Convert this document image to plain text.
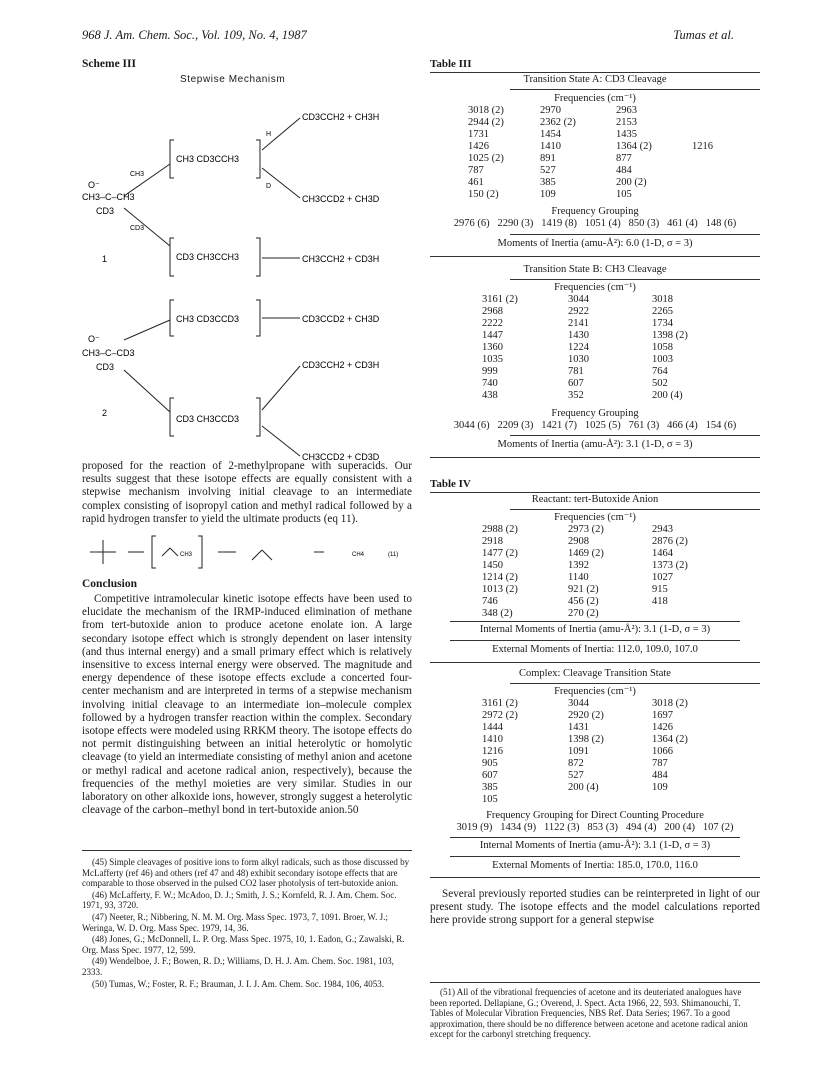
968 J. Am. Chem. Soc., Vol. 109, No. 4, 1987	Tumas et al.
Scheme III
Stepwise Mechanism
O⁻
CH3–C–CH3
CD3
CH3
CD3
CH3 CD3CCH3
CD3 CH3CCH3
H
D
CD3CCH2 + CH3H
CH3CCD2 + CH3D
CH3CCH2 + CD3H
1
O⁻
CH3–C–CD3
CD3
CH3 CD3CCD3
CD3 CH3CCD3
CD3CCD2 + CH3D
CD3CCH2 + CD3H
CH3CCD2 + CD3D
2

proposed for the reaction of 2-methylpropane with superacids. Our results suggest that these isotope effects are equally consistent with a stepwise mechanism involving initial cleavage to an intermediate complex consisting of isopropyl cation and methyl radical followed by a rapid hydrogen transfer to yield the ultimate products (eq 11).

CH3	CH4	(11)
Conclusion

Competitive intramolecular kinetic isotope effects have been used to elucidate the mechanism of the IRMP-induced elimination of methane from tert-butoxide anion to produce acetone enolate ion. A large secondary isotope effect which is strongly dependent on laser intensity (and thus internal energy) and a small primary effect which is relatively insensitive to excess internal energy were observed. The magnitude and energy dependence of these isotope effects exclude a concerted four-center mechanism and are interpreted in terms of a stepwise mechanism involving initial cleavage to an intermediate ion–molecule complex followed by a hydrogen transfer reaction within the complex. Secondary isotope effects were modeled using RRKM theory. The isotope effects do not permit distinguishing between an initial heterolytic or homolytic cleavage (to yield an intermediate consisting of methyl anion and acetone or methyl radical and acetone radical anion, respectively), because the frequencies of the methyl moieties are very similar. Studies in our laboratory on other alkoxide ions, however, strongly suggest a heterolytic cleavage of the carbon–methyl bond in tert-butoxide anion.50

(45) Simple cleavages of positive ions to form alkyl radicals, such as those discussed by McLafferty (ref 46) and others (ref 47 and 48) exhibit secondary isotope effects that are comparable to those observed in the pulsed CO2 laser photolysis of tert-butoxide anion.

(46) McLafferty, F. W.; McAdoo, D. J.; Smith, J. S.; Kornfeld, R. J. Am. Chem. Soc. 1971, 93, 3720.

(47) Neeter, R.; Nibbering, N. M. M. Org. Mass Spec. 1973, 7, 1091. Broer, W. J.; Weringa, W. D. Org. Mass Spec. 1979, 14, 36.

(48) Jones, G.; McDonnell, L. P. Org. Mass Spec. 1975, 10, 1. Eadon, G.; Zawalski, R. Org. Mass Spec. 1977, 12, 599.

(49) Wendelboe, J. F.; Bowen, R. D.; Williams, D. H. J. Am. Chem. Soc. 1981, 103, 2333.

(50) Tumas, W.; Foster, R. F.; Brauman, J. I. J. Am. Chem. Soc. 1984, 106, 4053.

Table III
Transition State A: CD3 Cleavage
Frequencies (cm⁻¹)
3018 (2)	2970	2963	
2944 (2)	2362 (2)	2153	
1731	1454	1435	
1426	1410	1364 (2)	1216
1025 (2)	891	877	
787	527	484	
461	385	200 (2)	
150 (2)	109	105	
Frequency Grouping
2976 (6)   2290 (3)   1419 (8)   1051 (4)   850 (3)   461 (4)   148 (6)
Moments of Inertia (amu-Å²): 6.0 (1-D, σ = 3)
Transition State B: CH3 Cleavage
Frequencies (cm⁻¹)
3161 (2)	3044	3018
2968	2922	2265
2222	2141	1734
1447	1430	1398 (2)
1360	1224	1058
1035	1030	1003
999	781	764
740	607	502
438	352	200 (4)
Frequency Grouping
3044 (6)   2209 (3)   1421 (7)   1025 (5)   761 (3)   466 (4)   154 (6)
Moments of Inertia (amu-Å²): 3.1 (1-D, σ = 3)
Table IV
Reactant: tert-Butoxide Anion
Frequencies (cm⁻¹)
2988 (2)	2973 (2)	2943
2918	2908	2876 (2)
1477 (2)	1469 (2)	1464
1450	1392	1373 (2)
1214 (2)	1140	1027
1013 (2)	921 (2)	915
746	456 (2)	418
348 (2)	270 (2)	
Internal Moments of Inertia (amu-Å²): 3.1 (1-D, σ = 3)
External Moments of Inertia: 112.0, 109.0, 107.0
Complex: Cleavage Transition State
Frequencies (cm⁻¹)
3161 (2)	3044	3018 (2)
2972 (2)	2920 (2)	1697
1444	1431	1426
1410	1398 (2)	1364 (2)
1216	1091	1066
905	872	787
607	527	484
385	200 (4)	109
105		
Frequency Grouping for Direct Counting Procedure
3019 (9)   1434 (9)   1122 (3)   853 (3)   494 (4)   200 (4)   107 (2)
Internal Moments of Inertia (amu-Å²): 3.1 (1-D, σ = 3)
External Moments of Inertia: 185.0, 170.0, 116.0

Several previously reported studies can be reinterpreted in light of our present study. The isotope effects and the model calculations reported here provide strong support for a general stepwise

(51) All of the vibrational frequencies of acetone and its deuteriated analogues have been reported. Dellapiane, G.; Overend, J. Spect. Acta 1966, 22, 593. Shimanouchi, T. Tables of Molecular Vibration Frequencies, NBS Ref. Data Series; 1967. To a good approximation, there should be no difference between acetone and acetone radical anion except for the carbonyl stretching frequency.
